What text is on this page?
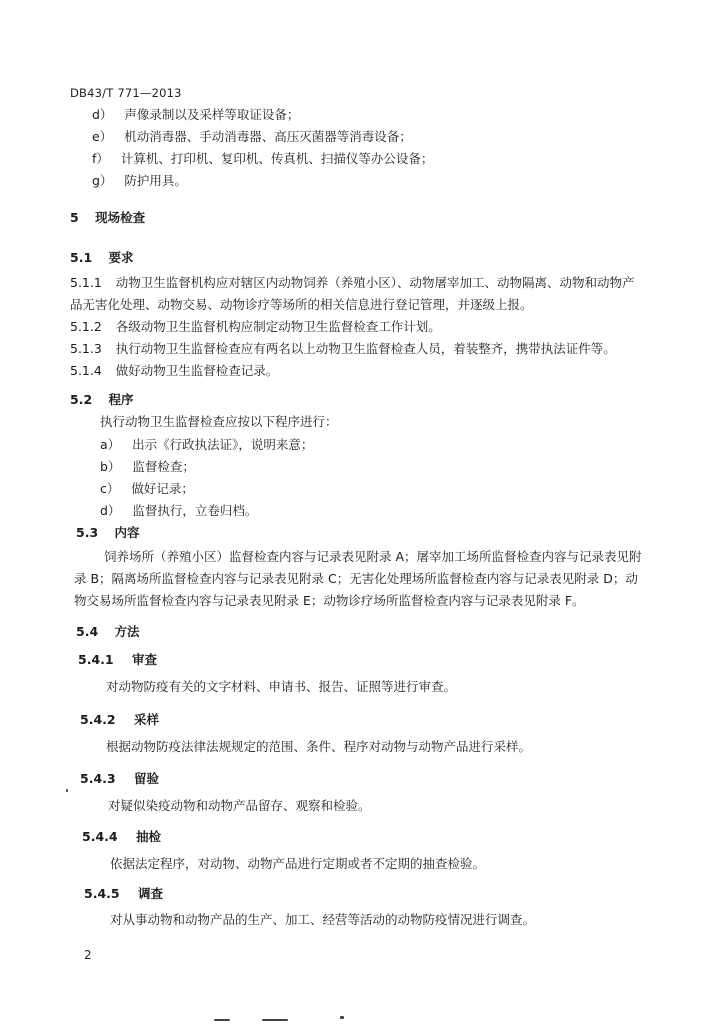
DB43/T 771—2013
d） 声像录制以及采样等取证设备；
e） 机动消毒器、手动消毒器、高压灭菌器等消毒设备；
f） 计算机、打印机、复印机、传真机、扫描仪等办公设备；
g） 防护用具。
5 现场检查
5.1 要求
5.1.1 动物卫生监督机构应对辖区内动物饲养（养殖小区）、动物屠宰加工、动物隔离、动物和动物产
品无害化处理、动物交易、动物诊疗等场所的相关信息进行登记管理，并逐级上报。
5.1.2 各级动物卫生监督机构应制定动物卫生监督检查工作计划。
5.1.3 执行动物卫生监督检查应有两名以上动物卫生监督检查人员，着装整齐，携带执法证件等。
5.1.4 做好动物卫生监督检查记录。
5.2 程序
执行动物卫生监督检查应按以下程序进行：
a） 出示《行政执法证》，说明来意；
b） 监督检查；
c） 做好记录；
d） 监督执行，立卷归档。
5.3 内容
饲养场所（养殖小区）监督检查内容与记录表见附录 A；屠宰加工场所监督检查内容与记录表见附
录 B；隔离场所监督检查内容与记录表见附录 C；无害化处理场所监督检查内容与记录表见附录 D；动
物交易场所监督检查内容与记录表见附录 E；动物诊疗场所监督检查内容与记录表见附录 F。
5.4 方法
5.4.1 审查
对动物防疫有关的文字材料、申请书、报告、证照等进行审查。
5.4.2 采样
根据动物防疫法律法规规定的范围、条件、程序对动物与动物产品进行采样。
5.4.3 留验
对疑似染疫动物和动物产品留存、观察和检验。
5.4.4 抽检
依据法定程序，对动物、动物产品进行定期或者不定期的抽查检验。
5.4.5 调查
对从事动物和动物产品的生产、加工、经营等活动的动物防疫情况进行调查。
2
